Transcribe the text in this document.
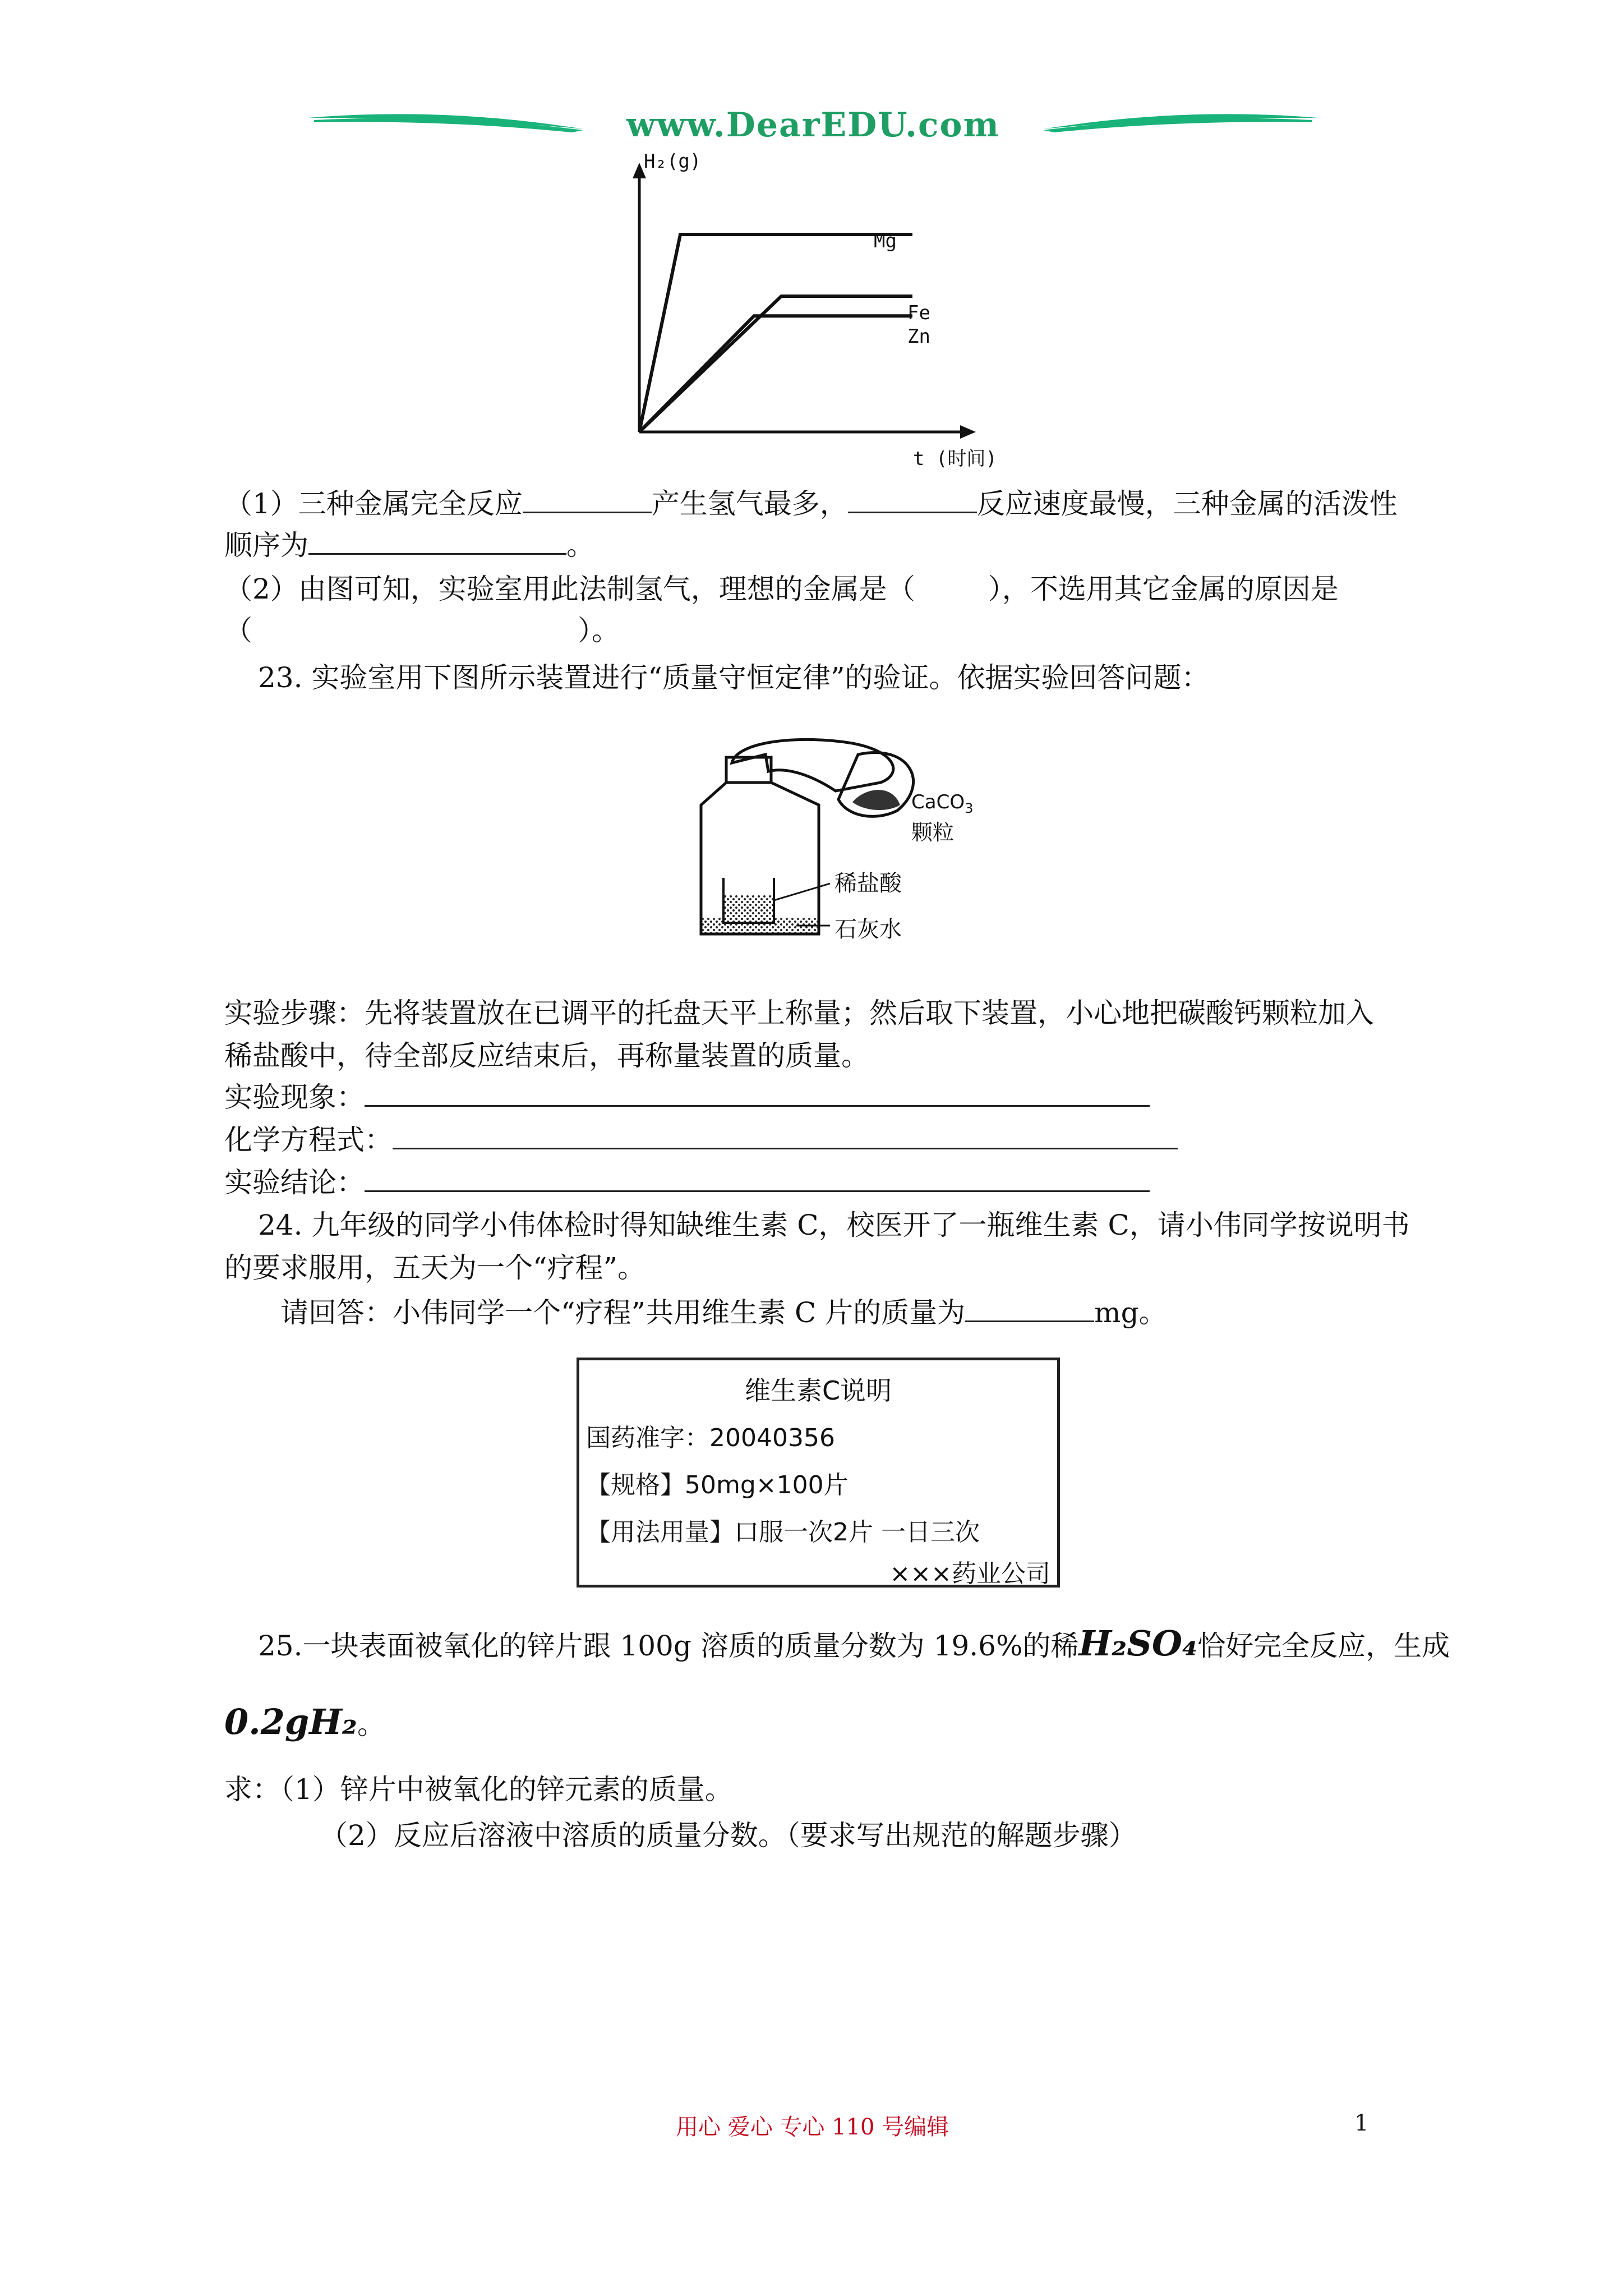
www.DearEDU.com
H₂(g)
t (时间)
Mg
Fe
Zn
（1）三种金属完全反应	产生氢气最多，	反应速度最慢，三种金属的活泼性
顺序为	。
（2）由图可知，实验室用此法制氢气，理想的金属是（	），不选用其它金属的原因是
（	）。
23. 实验室用下图所示装置进行“质量守恒定律”的验证。依据实验回答问题：
CaCO$_3$
颗粒
稀盐酸
石灰水
实验步骤：先将装置放在已调平的托盘天平上称量；然后取下装置，小心地把碳酸钙颗粒加入
稀盐酸中，待全部反应结束后，再称量装置的质量。
实验现象：
化学方程式：
实验结论：
24. 九年级的同学小伟体检时得知缺维生素 C，校医开了一瓶维生素 C，请小伟同学按说明书
的要求服用，五天为一个“疗程”。
请回答：小伟同学一个“疗程”共用维生素 C 片的质量为	mg。
维生素C说明
国药准字：20040356
【规格】50mg×100片
【用法用量】口服一次2片 一日三次
×××药业公司
25.一块表面被氧化的锌片跟 100g 溶质的质量分数为 19.6%的稀H₂SO₄恰好完全反应，生成
0.2gH₂。
求：（1）锌片中被氧化的锌元素的质量。
（2）反应后溶液中溶质的质量分数。（要求写出规范的解题步骤）
用心 爱心 专心 110 号编辑	1
